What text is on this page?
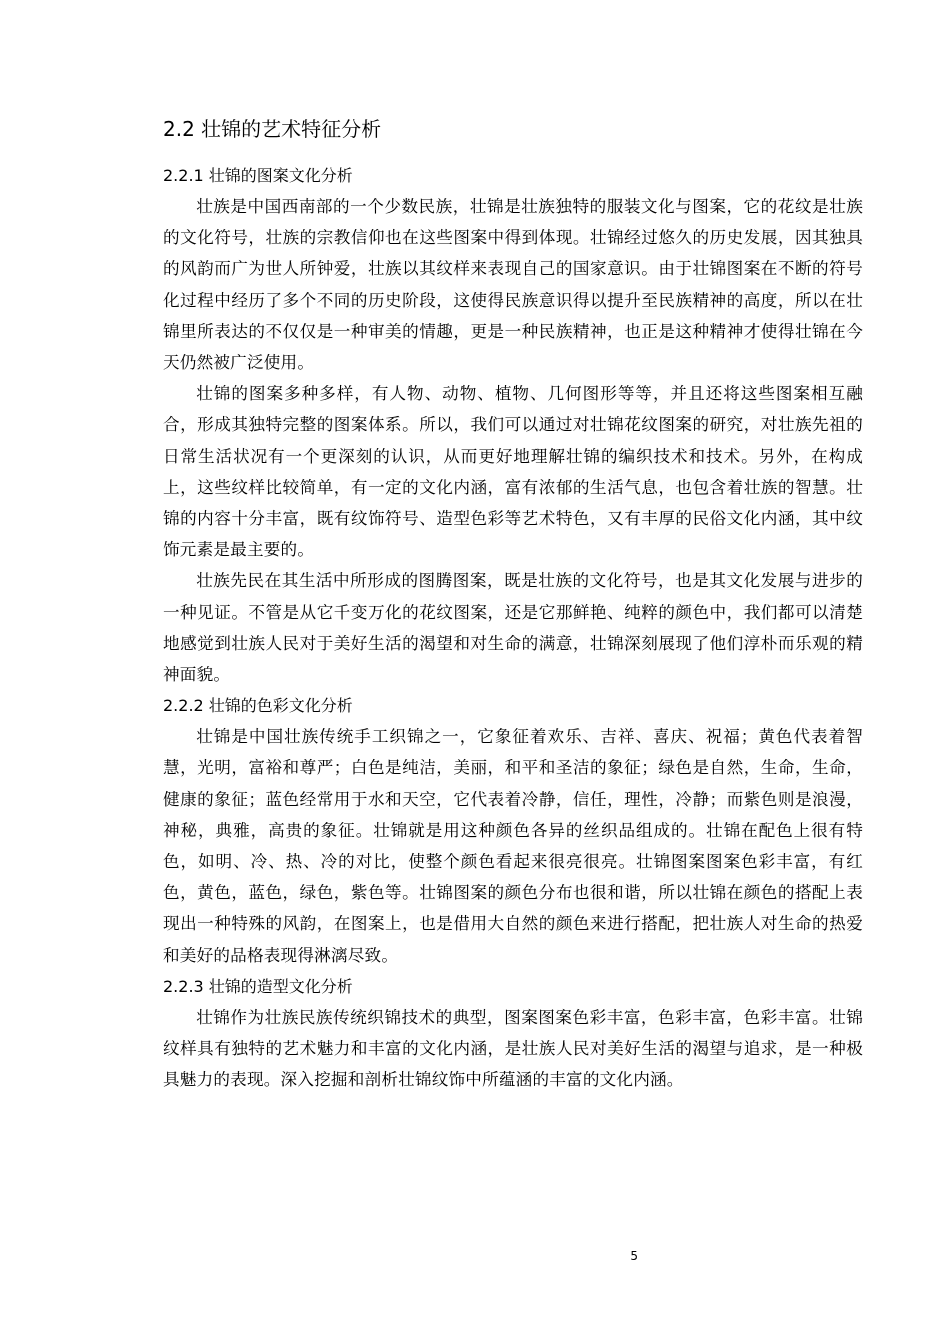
2.2 壮锦的艺术特征分析
2.2.1 壮锦的图案文化分析

壮族是中国西南部的一个少数民族，壮锦是壮族独特的服装文化与图案，它的花纹是壮族的文化符号，壮族的宗教信仰也在这些图案中得到体现。壮锦经过悠久的历史发展，因其独具的风韵而广为世人所钟爱，壮族以其纹样来表现自己的国家意识。由于壮锦图案在不断的符号化过程中经历了多个不同的历史阶段，这使得民族意识得以提升至民族精神的高度，所以在壮锦里所表达的不仅仅是一种审美的情趣，更是一种民族精神，也正是这种精神才使得壮锦在今天仍然被广泛使用。

壮锦的图案多种多样，有人物、动物、植物、几何图形等等，并且还将这些图案相互融合，形成其独特完整的图案体系。所以，我们可以通过对壮锦花纹图案的研究，对壮族先祖的日常生活状况有一个更深刻的认识，从而更好地理解壮锦的编织技术和技术。另外，在构成上，这些纹样比较简单，有一定的文化内涵，富有浓郁的生活气息，也包含着壮族的智慧。壮锦的内容十分丰富，既有纹饰符号、造型色彩等艺术特色，又有丰厚的民俗文化内涵，其中纹饰元素是最主要的。

壮族先民在其生活中所形成的图腾图案，既是壮族的文化符号，也是其文化发展与进步的一种见证。不管是从它千变万化的花纹图案，还是它那鲜艳、纯粹的颜色中，我们都可以清楚地感觉到壮族人民对于美好生活的渴望和对生命的满意，壮锦深刻展现了他们淳朴而乐观的精神面貌。

2.2.2 壮锦的色彩文化分析

壮锦是中国壮族传统手工织锦之一，它象征着欢乐、吉祥、喜庆、祝福；黄色代表着智慧，光明，富裕和尊严；白色是纯洁，美丽，和平和圣洁的象征；绿色是自然，生命，生命，健康的象征；蓝色经常用于水和天空，它代表着冷静，信任，理性，冷静；而紫色则是浪漫，神秘，典雅，高贵的象征。壮锦就是用这种颜色各异的丝织品组成的。壮锦在配色上很有特色，如明、冷、热、冷的对比，使整个颜色看起来很亮很亮。壮锦图案图案色彩丰富，有红色，黄色，蓝色，绿色，紫色等。壮锦图案的颜色分布也很和谐，所以壮锦在颜色的搭配上表现出一种特殊的风韵，在图案上，也是借用大自然的颜色来进行搭配，把壮族人对生命的热爱和美好的品格表现得淋漓尽致。

2.2.3 壮锦的造型文化分析

壮锦作为壮族民族传统织锦技术的典型，图案图案色彩丰富，色彩丰富，色彩丰富。壮锦纹样具有独特的艺术魅力和丰富的文化内涵，是壮族人民对美好生活的渴望与追求，是一种极具魅力的表现。深入挖掘和剖析壮锦纹饰中所蕴涵的丰富的文化内涵。

5
